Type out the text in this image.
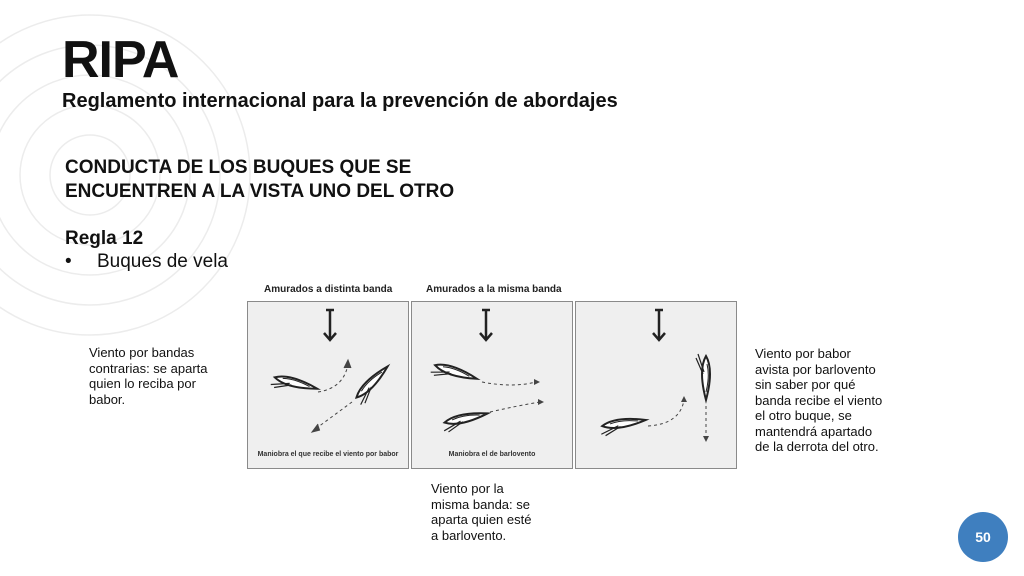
RIPA
Reglamento internacional para la prevención de abordajes
CONDUCTA DE LOS BUQUES QUE SE
ENCUENTREN A LA VISTA UNO DEL OTRO
Regla 12
•	Buques de vela
Amurados a distinta banda	Amurados a la misma banda
Maniobra el que recibe el viento por babor	Maniobra el de barlovento
Viento por bandas
contrarias: se aparta
quien lo reciba por
babor.
Viento por la
misma banda: se
aparta quien esté
a barlovento.
Viento por babor
avista por barlovento
sin saber por qué
banda recibe el viento
el otro buque, se
mantendrá apartado
de la derrota del otro.
50
